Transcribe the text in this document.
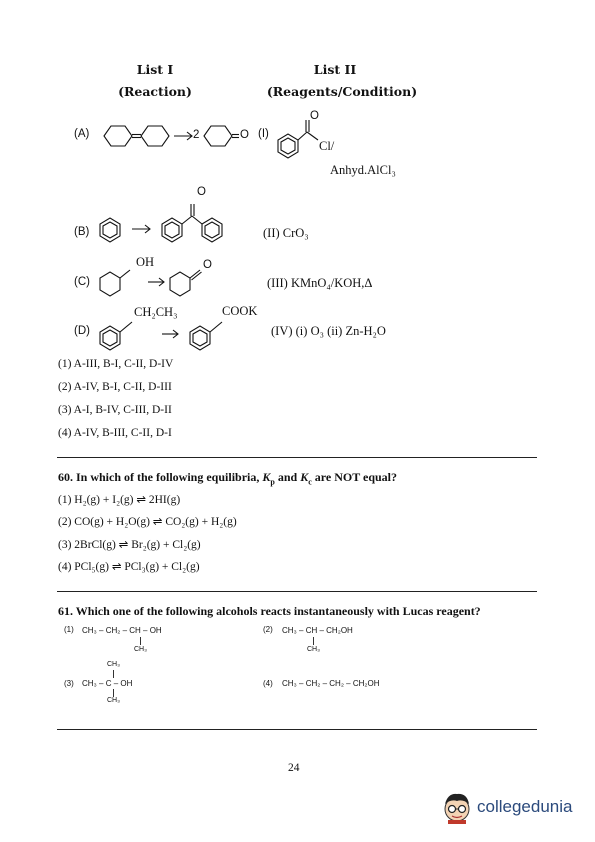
List I
(Reaction)
List II
(Reagents/Condition)
(A)	2	O (I)
O
Cl/
Anhyd.AlCl₃
(B)
O
(II) CrO₃
(C)
OH	O
(III) KMnO₄/KOH,Δ
(D)
CH₂CH₃	COOK
(IV) (i) O₃ (ii) Zn-H₂O
(1) A-III, B-I, C-II, D-IV
(2) A-IV, B-I, C-II, D-III
(3) A-I, B-IV, C-III, D-II
(4) A-IV, B-III, C-II, D-I
60. In which of the following equilibria, $K_p$ and $K_c$ are NOT equal?
(1) H₂(g) + I₂(g) ⇌ 2HI(g)
(2) CO(g) + H₂O(g) ⇌ CO₂(g) + H₂(g)
(3) 2BrCl(g) ⇌ Br₂(g) + Cl₂(g)
(4) PCl₅(g) ⇌ PCl₃(g) + Cl₂(g)
61. Which one of the following alcohols reacts instantaneously with Lucas reagent?
(1) CH₃ – CH₂ – CH – OH
CH₃
(2) CH₃ – CH – CH₂OH
CH₃
CH₃
(3) CH₃ – C – OH
CH₃
(4) CH₃ – CH₂ – CH₂ – CH₂OH
24
collegedunia
